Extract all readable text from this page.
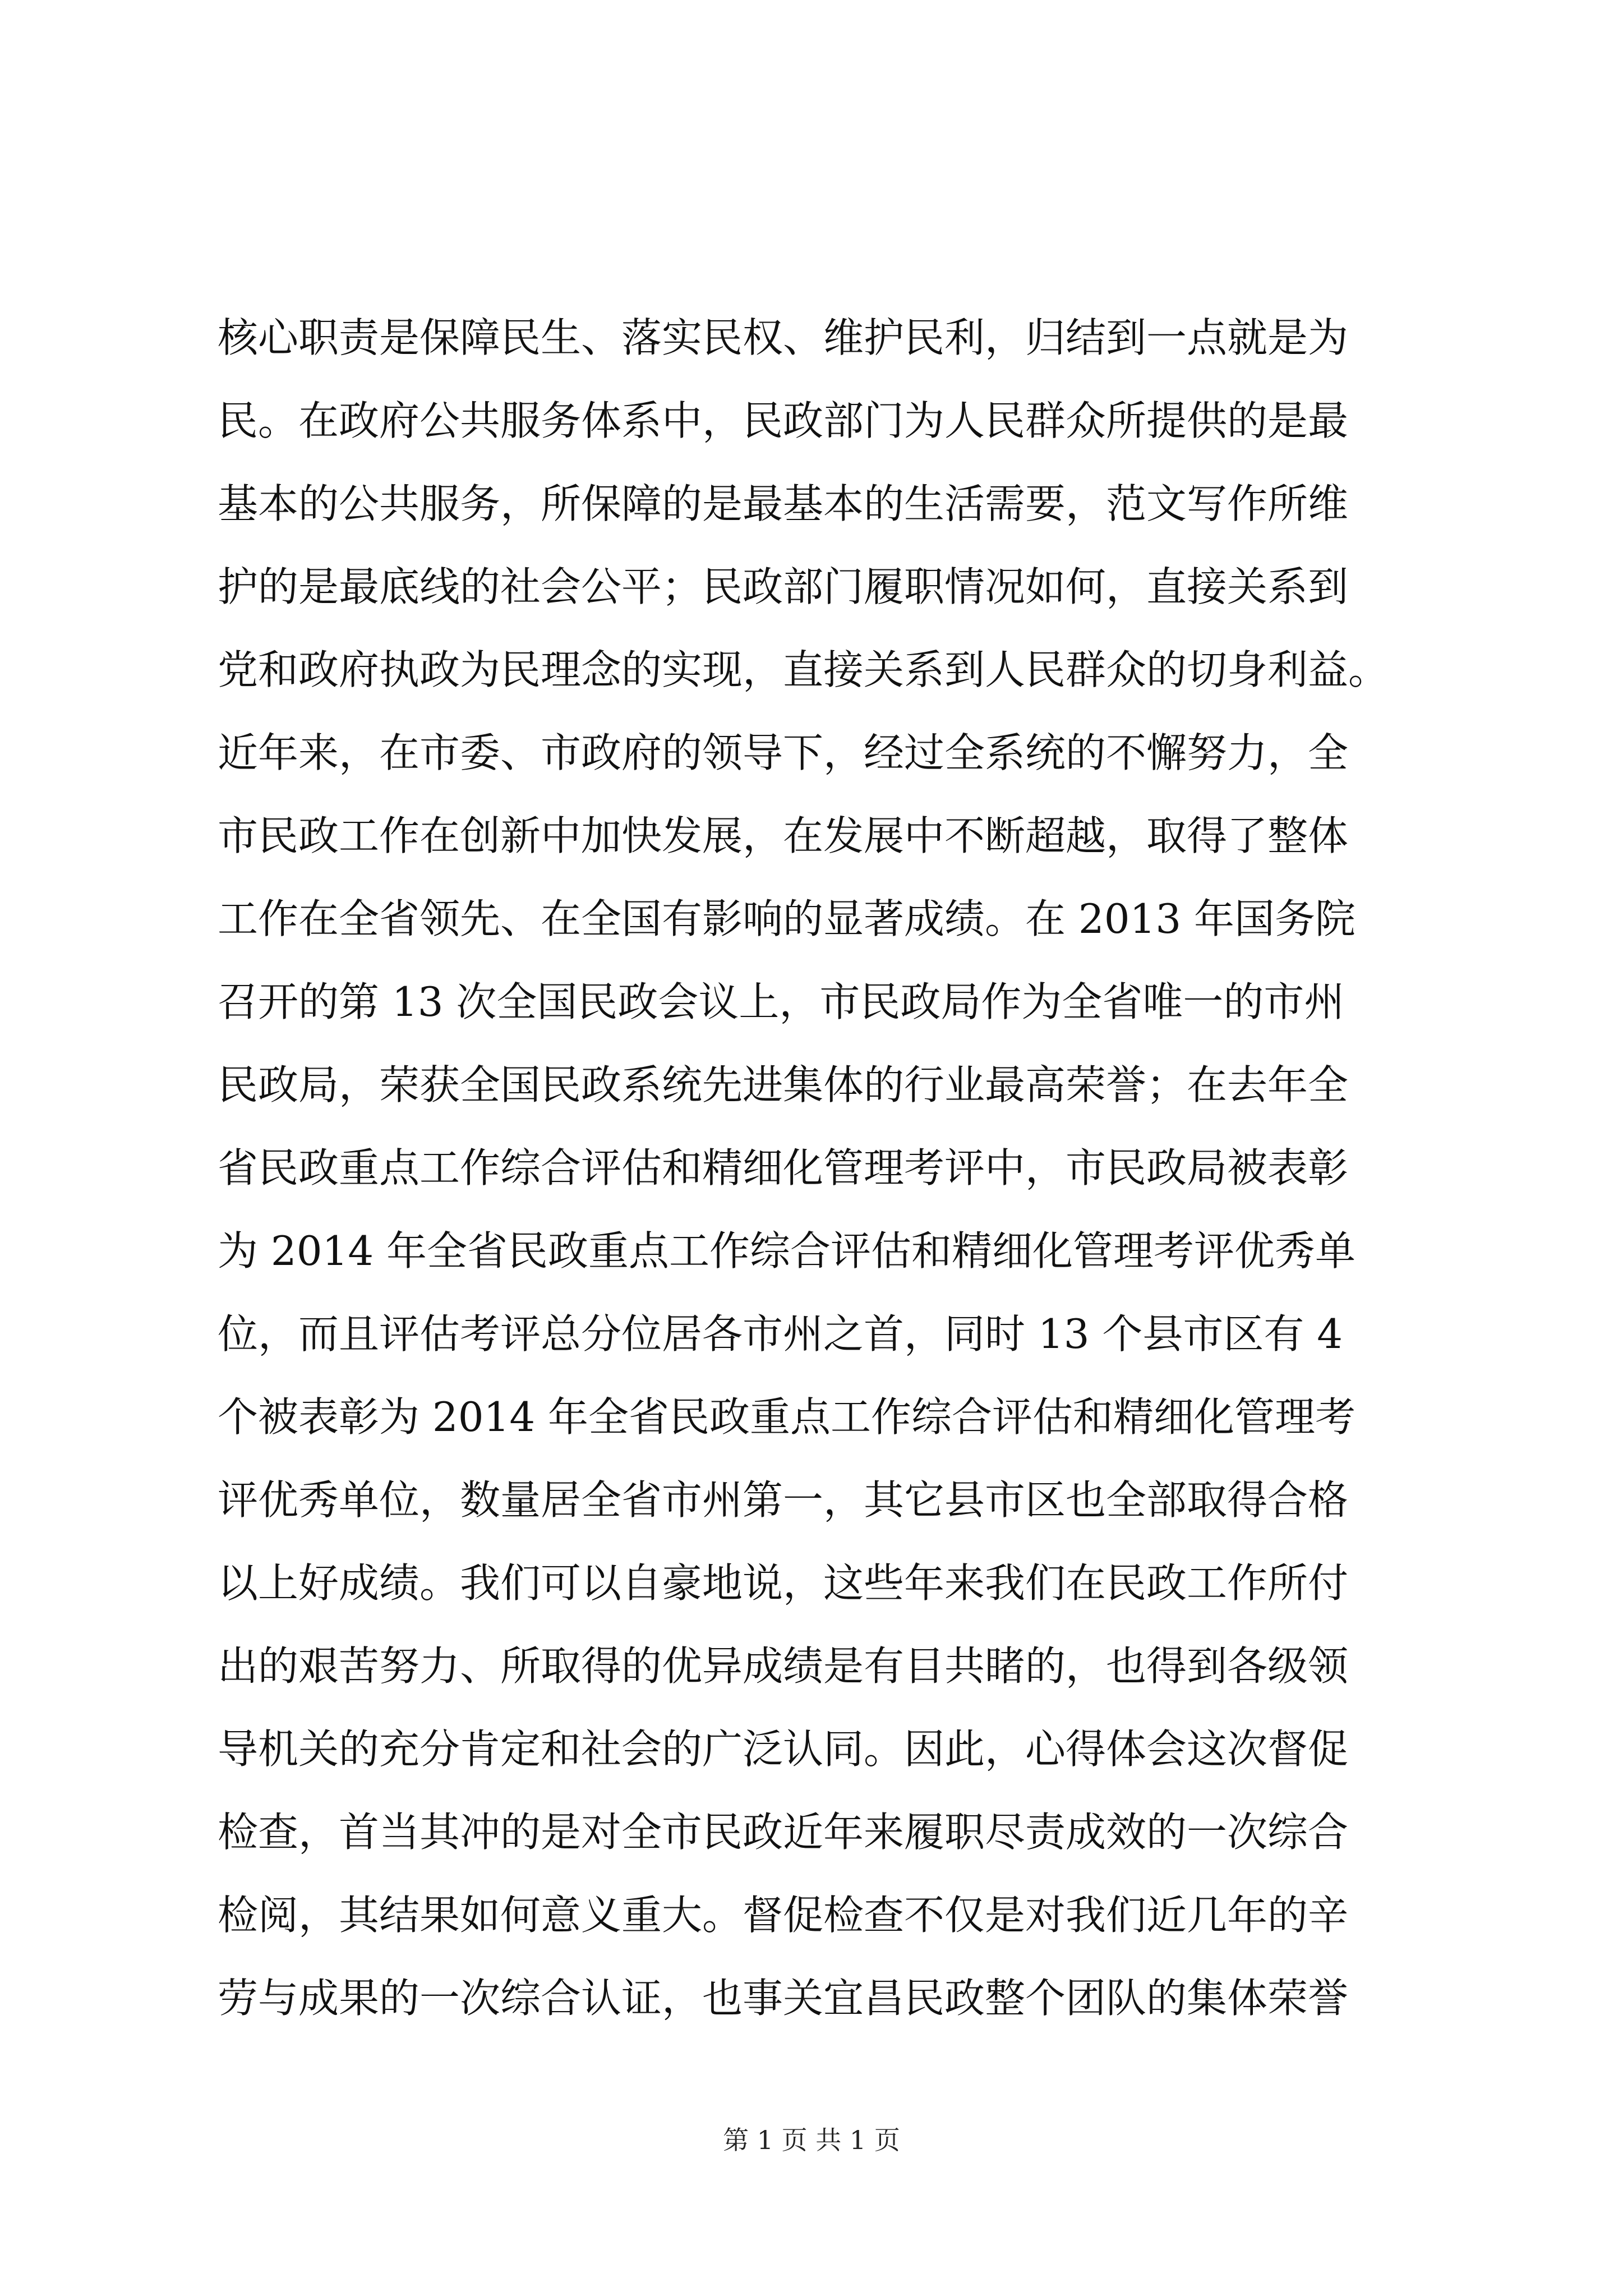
核心职责是保障民生、落实民权、维护民利，归结到一点就是为
民。在政府公共服务体系中，民政部门为人民群众所提供的是最
基本的公共服务，所保障的是最基本的生活需要，范文写作所维
护的是最底线的社会公平；民政部门履职情况如何，直接关系到
党和政府执政为民理念的实现，直接关系到人民群众的切身利益。
近年来，在市委、市政府的领导下，经过全系统的不懈努力，全
市民政工作在创新中加快发展，在发展中不断超越，取得了整体
工作在全省领先、在全国有影响的显著成绩。在 2013 年国务院
召开的第 13 次全国民政会议上，市民政局作为全省唯一的市州
民政局，荣获全国民政系统先进集体的行业最高荣誉；在去年全
省民政重点工作综合评估和精细化管理考评中，市民政局被表彰
为 2014 年全省民政重点工作综合评估和精细化管理考评优秀单
位，而且评估考评总分位居各市州之首，同时 13 个县市区有 4
个被表彰为 2014 年全省民政重点工作综合评估和精细化管理考
评优秀单位，数量居全省市州第一，其它县市区也全部取得合格
以上好成绩。我们可以自豪地说，这些年来我们在民政工作所付
出的艰苦努力、所取得的优异成绩是有目共睹的，也得到各级领
导机关的充分肯定和社会的广泛认同。因此，心得体会这次督促
检查，首当其冲的是对全市民政近年来履职尽责成效的一次综合
检阅，其结果如何意义重大。督促检查不仅是对我们近几年的辛
劳与成果的一次综合认证，也事关宜昌民政整个团队的集体荣誉
第 1 页 共 1 页
